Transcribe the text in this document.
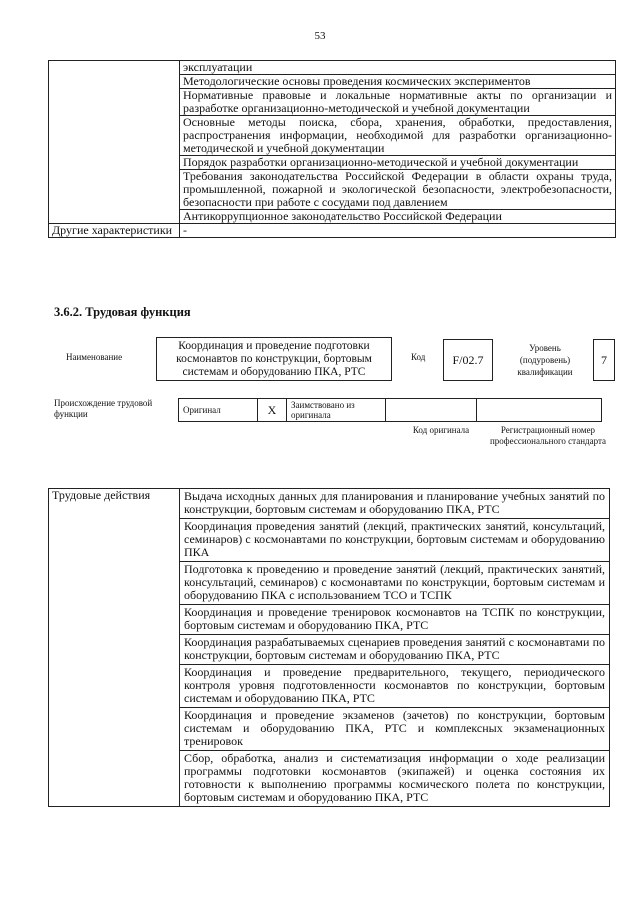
53
	эксплуатации
	Методологические основы проведения космических экспериментов
	Нормативные правовые и локальные нормативные акты по организации и разработке организационно-методической и учебной документации
	Основные методы поиска, сбора, хранения, обработки, предоставления, распространения информации, необходимой для разработки организационно-методической и учебной документации
	Порядок разработки организационно-методической и учебной документации
	Требования законодательства Российской Федерации в области охраны труда, промышленной, пожарной и экологической безопасности, электробезопасности, безопасности при работе с сосудами под давлением
	Антикоррупционное законодательство Российской Федерации
Другие характеристики	-
3.6.2. Трудовая функция
Наименование
Координация и проведение подготовки космонавтов по конструкции, бортовым системам и оборудованию ПКА, РТС
Код	F/02.7
Уровень (подуровень) квалификации
7
Происхождение трудовой функции	Оригинал	X	Заимствовано из оригинала		
Код оригинала	Регистрационный номер профессионального стандарта
Трудовые действия	Выдача исходных данных для планирования и планирование учебных занятий по конструкции, бортовым системам и оборудованию ПКА, РТС
Координация проведения занятий (лекций, практических занятий, консультаций, семинаров) с космонавтами по конструкции, бортовым системам и оборудованию ПКА
Подготовка к проведению и проведение занятий (лекций, практических занятий, консультаций, семинаров) с космонавтами по конструкции, бортовым системам и оборудованию ПКА с использованием ТСО и ТСПК
Координация и проведение тренировок космонавтов на ТСПК по конструкции, бортовым системам и оборудованию ПКА, РТС
Координация разрабатываемых сценариев проведения занятий с космонавтами по конструкции, бортовым системам и оборудованию ПКА, РТС
Координация и проведение предварительного, текущего, периодического контроля уровня подготовленности космонавтов по конструкции, бортовым системам и оборудованию ПКА, РТС
Координация и проведение экзаменов (зачетов) по конструкции, бортовым системам и оборудованию ПКА, РТС и комплексных экзаменационных тренировок
Сбор, обработка, анализ и систематизация информации о ходе реализации программы подготовки космонавтов (экипажей) и оценка состояния их готовности к выполнению программы космического полета по конструкции, бортовым системам и оборудованию ПКА, РТС
